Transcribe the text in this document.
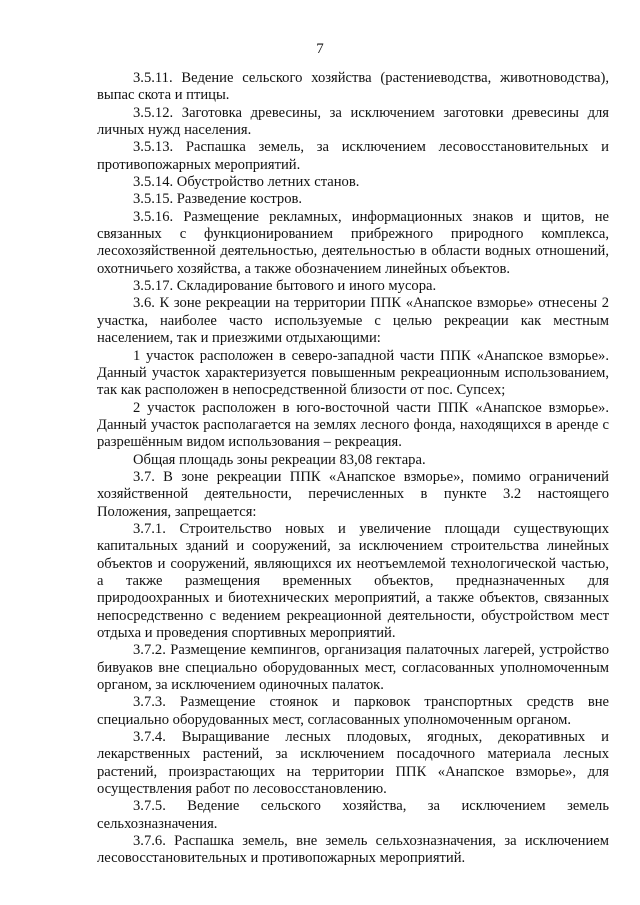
7

3.5.11. Ведение сельского хозяйства (растениеводства, животноводства), выпас скота и птицы.

3.5.12. Заготовка древесины, за исключением заготовки древесины для личных нужд населения.

3.5.13. Распашка земель, за исключением лесовосстановительных и противопожарных мероприятий.

3.5.14. Обустройство летних станов.

3.5.15. Разведение костров.

3.5.16. Размещение рекламных, информационных знаков и щитов, не связанных с функционированием прибрежного природного комплекса, лесохозяйственной деятельностью, деятельностью в области водных отношений, охотничьего хозяйства, а также обозначением линейных объектов.

3.5.17. Складирование бытового и иного мусора.

3.6. К зоне рекреации на территории ППК «Анапское взморье» отнесены 2 участка, наиболее часто используемые с целью рекреации как местным населением, так и приезжими отдыхающими:

1 участок расположен в северо-западной части ППК «Анапское взморье». Данный участок характеризуется повышенным рекреационным использованием, так как расположен в непосредственной близости от пос. Супсех;

2 участок расположен в юго-восточной части ППК «Анапское взморье». Данный участок располагается на землях лесного фонда, находящихся в аренде с разрешённым видом использования – рекреация.

Общая площадь зоны рекреации 83,08 гектара.

3.7. В зоне рекреации ППК «Анапское взморье», помимо ограничений хозяйственной деятельности, перечисленных в пункте 3.2 настоящего Положения, запрещается:

3.7.1. Строительство новых и увеличение площади существующих капитальных зданий и сооружений, за исключением строительства линейных объектов и сооружений, являющихся их неотъемлемой технологической частью, а также размещения временных объектов, предназначенных для природоохранных и биотехнических мероприятий, а также объектов, связанных непосредственно с ведением рекреационной деятельности, обустройством мест отдыха и проведения спортивных мероприятий.

3.7.2. Размещение кемпингов, организация палаточных лагерей, устройство бивуаков вне специально оборудованных мест, согласованных уполномоченным органом, за исключением одиночных палаток.

3.7.3. Размещение стоянок и парковок транспортных средств вне специально оборудованных мест, согласованных уполномоченным органом.

3.7.4. Выращивание лесных плодовых, ягодных, декоративных и лекарственных растений, за исключением посадочного материала лесных растений, произрастающих на территории ППК «Анапское взморье», для осуществления работ по лесовосстановлению.

3.7.5. Ведение сельского хозяйства, за исключением земель сельхозназначения.

3.7.6. Распашка земель, вне земель сельхозназначения, за исключением лесовосстановительных и противопожарных мероприятий.
